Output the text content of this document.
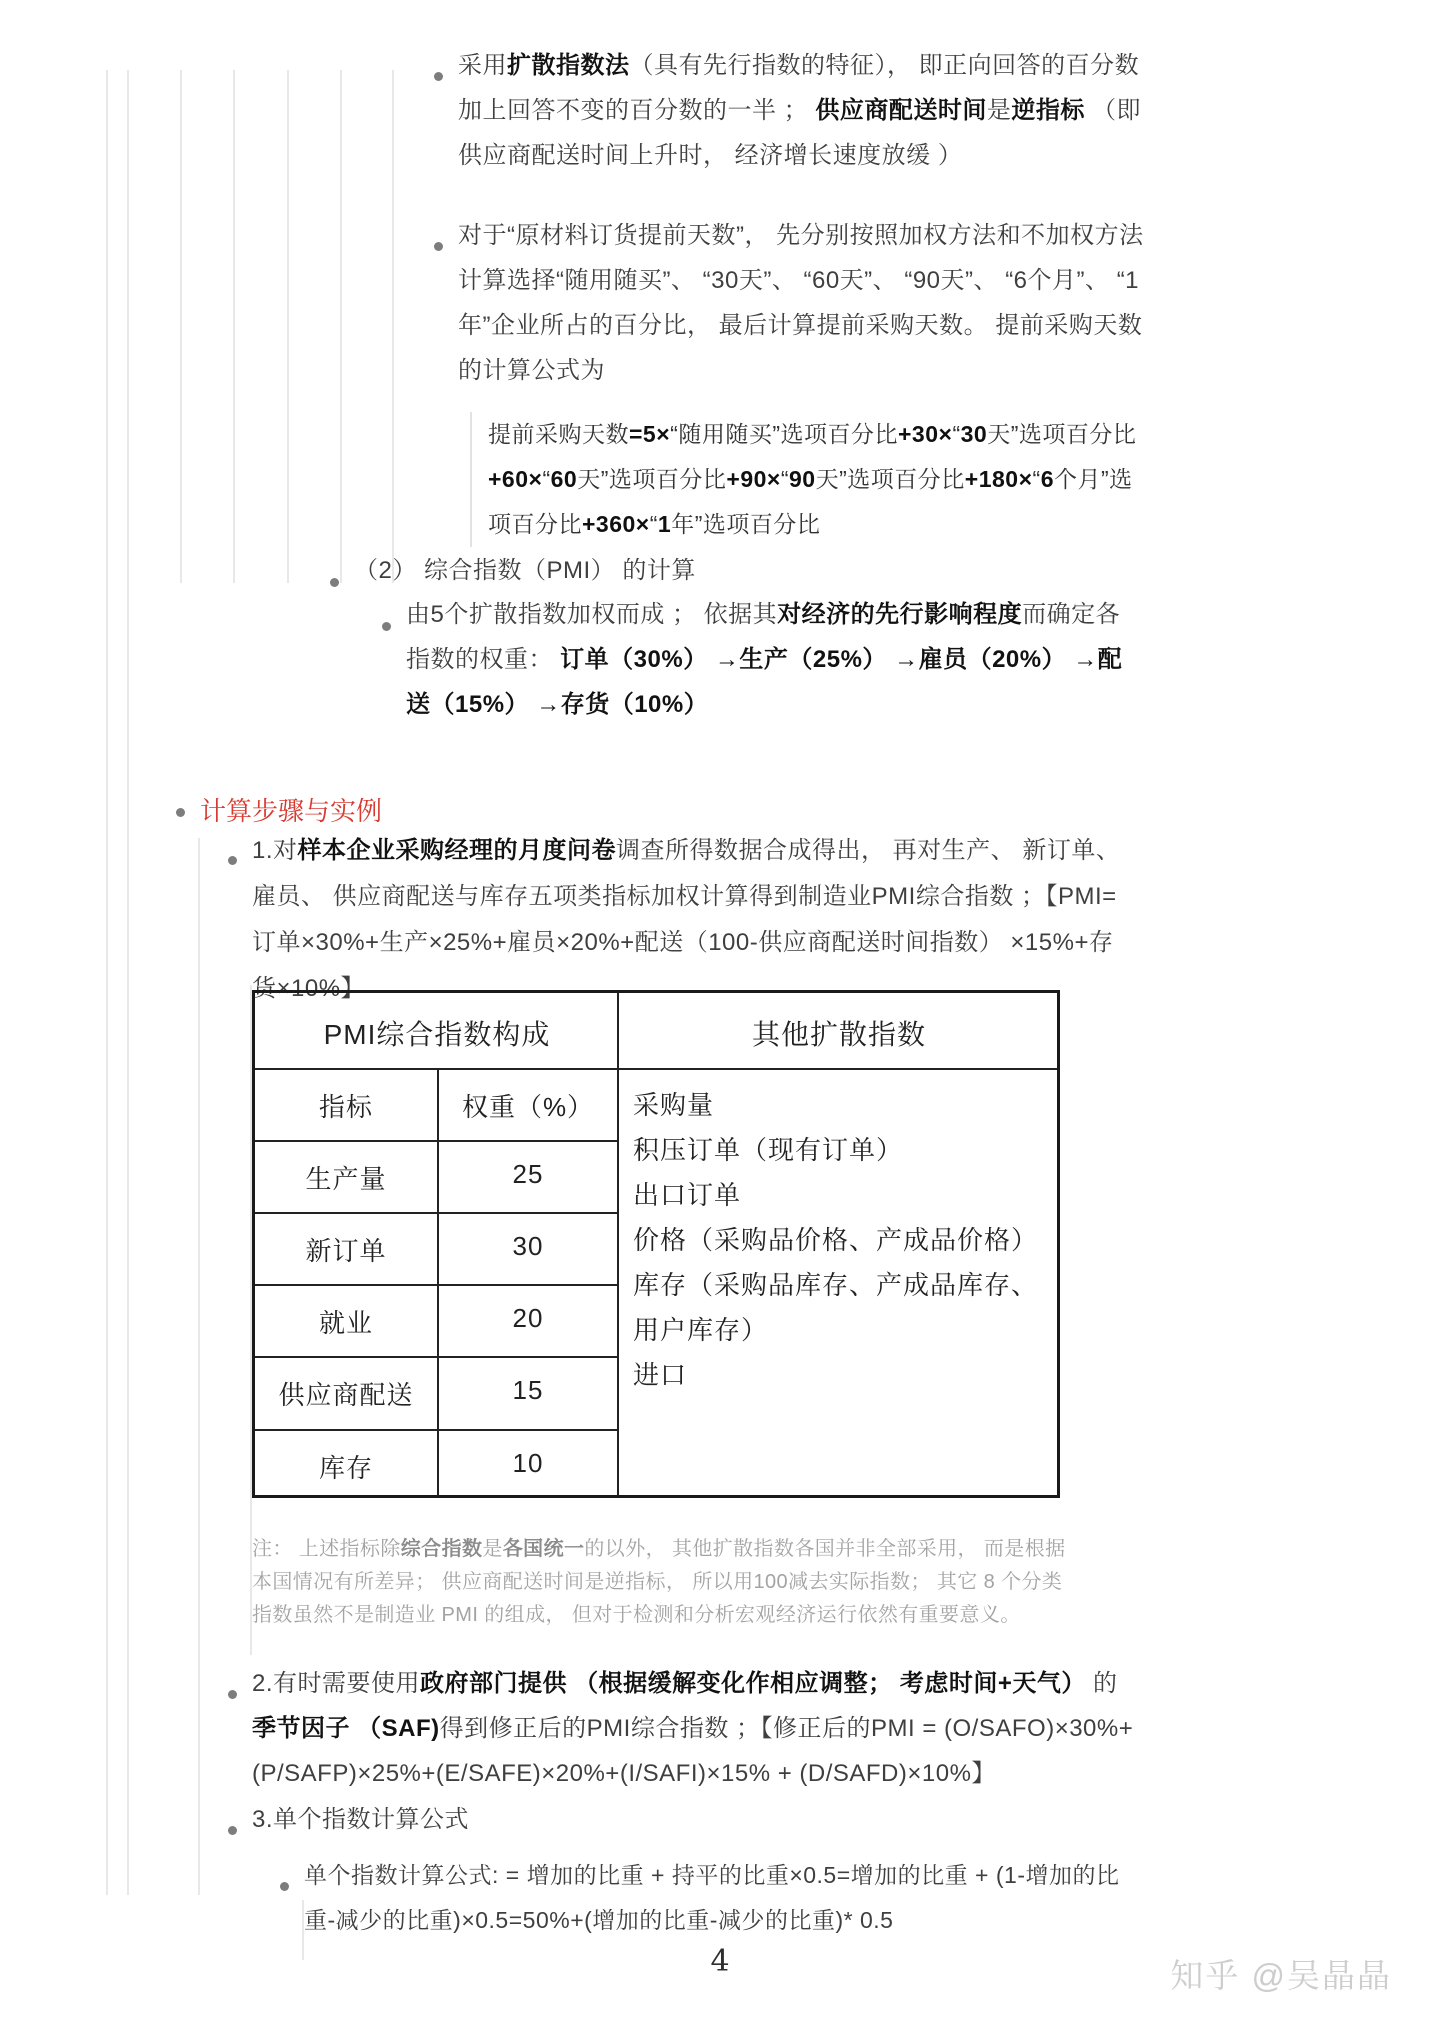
采用扩散指数法（具有先行指数的特征）， 即正向回答的百分数加上回答不变的百分数的一半 ； 供应商配送时间是逆指标 （即 供应商配送时间上升时， 经济增长速度放缓 ）
对于“原材料订货提前天数”， 先分别按照加权方法和不加权方法计算选择“随用随买”、 “30天”、 “60天”、 “90天”、 “6个月”、 “1年”企业所占的百分比， 最后计算提前采购天数。 提前采购天数的计算公式为
提前采购天数=5×“随用随买”选项百分比+30×“30天”选项百分比+60×“60天”选项百分比+90×“90天”选项百分比+180×“6个月”选项百分比+360×“1年”选项百分比
（2） 综合指数（PMI） 的计算
由5个扩散指数加权而成 ； 依据其对经济的先行影响程度而确定各指数的权重： 订单（30%） →生产（25%） →雇员（20%） →配送（15%） →存货（10%）
计算步骤与实例
1.对样本企业采购经理的月度问卷调查所得数据合成得出， 再对生产、 新订单、 雇员、 供应商配送与库存五项类指标加权计算得到制造业PMI综合指数 ；【PMI=订单×30%+生产×25%+雇员×20%+配送（100-供应商配送时间指数） ×15%+存货×10%】
PMI综合指数构成	其他扩散指数
指标	权重（%）
生产量	25
新订单	30
就业	20
供应商配送	15
库存	10
采购量
积压订单（现有订单）
出口订单
价格（采购品价格、产成品价格）
库存（采购品库存、产成品库存、
用户库存）
进口
注： 上述指标除综合指数是各国统一的以外， 其他扩散指数各国并非全部采用， 而是根据本国情况有所差异； 供应商配送时间是逆指标， 所以用100减去实际指数； 其它 8 个分类指数虽然不是制造业 PMI 的组成， 但对于检测和分析宏观经济运行依然有重要意义。
2.有时需要使用政府部门提供 （根据缓解变化作相应调整； 考虑时间+天气） 的季节因子 （SAF)得到修正后的PMI综合指数 ；【修正后的PMI = (O/SAFO)×30%+ (P/SAFP)×25%+(E/SAFE)×20%+(I/SAFI)×15% + (D/SAFD)×10%】
3.单个指数计算公式
单个指数计算公式: = 增加的比重 + 持平的比重×0.5=增加的比重 + (1-增加的比重-减少的比重)×0.5=50%+(增加的比重-减少的比重)* 0.5
4	知乎 @吴晶晶
